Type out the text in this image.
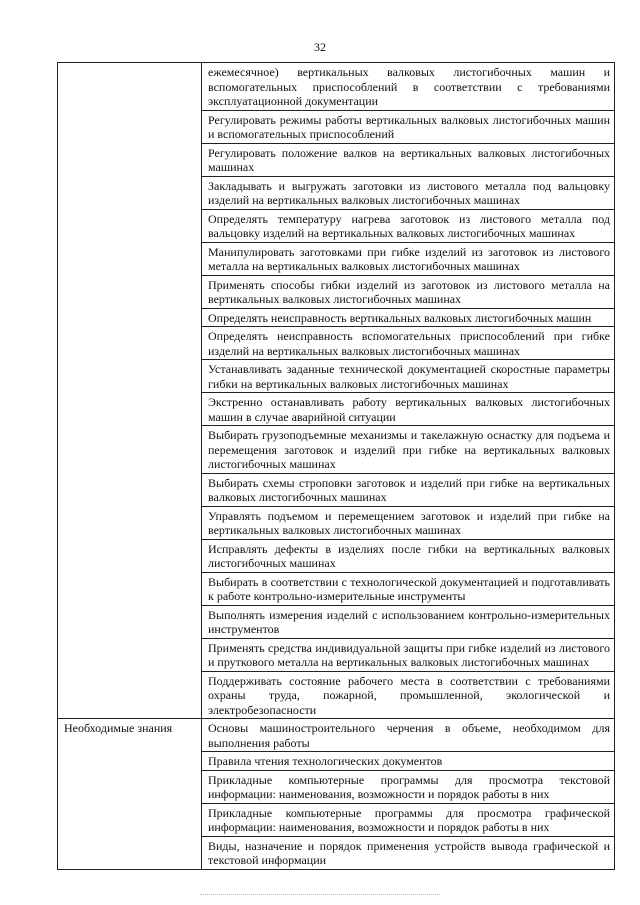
32
	ежемесячное) вертикальных валковых листогибочных машин и вспомогательных приспособлений в соответствии с требованиями эксплуатационной документации
	Регулировать режимы работы вертикальных валковых листогибочных машин и вспомогательных приспособлений
	Регулировать положение валков на вертикальных валковых листогибочных машинах
	Закладывать и выгружать заготовки из листового металла под вальцовку изделий на вертикальных валковых листогибочных машинах
	Определять температуру нагрева заготовок из листового металла под вальцовку изделий на вертикальных валковых листогибочных машинах
	Манипулировать заготовками при гибке изделий из заготовок из листового металла на вертикальных валковых листогибочных машинах
	Применять способы гибки изделий из заготовок из листового металла на вертикальных валковых листогибочных машинах
	Определять неисправность вертикальных валковых листогибочных машин
	Определять неисправность вспомогательных приспособлений при гибке изделий на вертикальных валковых листогибочных машинах
	Устанавливать заданные технической документацией скоростные параметры гибки на вертикальных валковых листогибочных машинах
	Экстренно останавливать работу вертикальных валковых листогибочных машин в случае аварийной ситуации
	Выбирать грузоподъемные механизмы и такелажную оснастку для подъема и перемещения заготовок и изделий при гибке на вертикальных валковых листогибочных машинах
	Выбирать схемы строповки заготовок и изделий при гибке на вертикальных валковых листогибочных машинах
	Управлять подъемом и перемещением заготовок и изделий при гибке на вертикальных валковых листогибочных машинах
	Исправлять дефекты в изделиях после гибки на вертикальных валковых листогибочных машинах
	Выбирать в соответствии с технологической документацией и подготавливать к работе контрольно-измерительные инструменты
	Выполнять измерения изделий с использованием контрольно-измерительных инструментов
	Применять средства индивидуальной защиты при гибке изделий из листового и пруткового металла на вертикальных валковых листогибочных машинах
	Поддерживать состояние рабочего места в соответствии с требованиями охраны труда, пожарной, промышленной, экологической и электробезопасности
Необходимые знания	Основы машиностроительного черчения в объеме, необходимом для выполнения работы
	Правила чтения технологических документов
	Прикладные компьютерные программы для просмотра текстовой информации: наименования, возможности и порядок работы в них
	Прикладные компьютерные программы для просмотра графической информации: наименования, возможности и порядок работы в них
	Виды, назначение и порядок применения устройств вывода графической и текстовой информации
